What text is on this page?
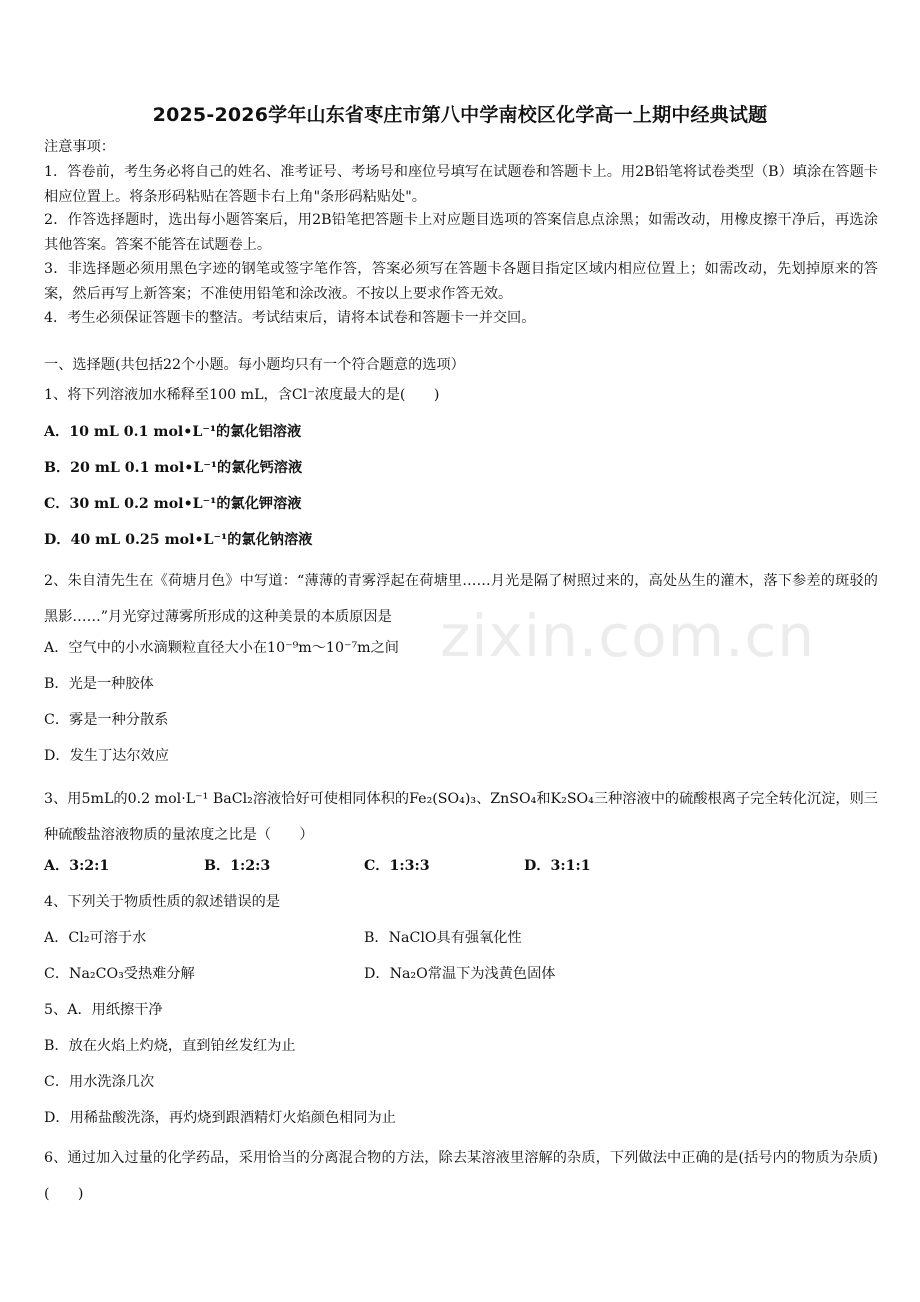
zixin.com.cn
2025-2026学年山东省枣庄市第八中学南校区化学高一上期中经典试题
注意事项：
1．答卷前，考生务必将自己的姓名、准考证号、考场号和座位号填写在试题卷和答题卡上。用2B铅笔将试卷类型（B）填涂在答题卡相应位置上。将条形码粘贴在答题卡右上角"条形码粘贴处"。
2．作答选择题时，选出每小题答案后，用2B铅笔把答题卡上对应题目选项的答案信息点涂黑；如需改动，用橡皮擦干净后，再选涂其他答案。答案不能答在试题卷上。
3．非选择题必须用黑色字迹的钢笔或签字笔作答，答案必须写在答题卡各题目指定区域内相应位置上；如需改动，先划掉原来的答案，然后再写上新答案；不准使用铅笔和涂改液。不按以上要求作答无效。
4．考生必须保证答题卡的整洁。考试结束后，请将本试卷和答题卡一并交回。
一、选择题(共包括22个小题。每小题均只有一个符合题意的选项）
1、将下列溶液加水稀释至100 mL，含Cl⁻浓度最大的是(　　)
A．10 mL 0.1 mol•L⁻¹的氯化铝溶液
B．20 mL 0.1 mol•L⁻¹的氯化钙溶液
C．30 mL 0.2 mol•L⁻¹的氯化钾溶液
D．40 mL 0.25 mol•L⁻¹的氯化钠溶液
2、朱自清先生在《荷塘月色》中写道：“薄薄的青雾浮起在荷塘里……月光是隔了树照过来的，高处丛生的灌木，落下参差的斑驳的黑影……”月光穿过薄雾所形成的这种美景的本质原因是
A．空气中的小水滴颗粒直径大小在10⁻⁹m～10⁻⁷m之间
B．光是一种胶体
C．雾是一种分散系
D．发生丁达尔效应
3、用5mL的0.2 mol·L⁻¹ BaCl₂溶液恰好可使相同体积的Fe₂(SO₄)₃、ZnSO₄和K₂SO₄三种溶液中的硫酸根离子完全转化沉淀，则三种硫酸盐溶液物质的量浓度之比是（　　）
A．3:2:1	B．1:2:3	C．1:3:3	D．3:1:1
4、下列关于物质性质的叙述错误的是
A．Cl₂可溶于水	B．NaClO具有强氧化性
C．Na₂CO₃受热难分解	D．Na₂O常温下为浅黄色固体
5、A．用纸擦干净
B．放在火焰上灼烧，直到铂丝发红为止
C．用水洗涤几次
D．用稀盐酸洗涤，再灼烧到跟酒精灯火焰颜色相同为止
6、通过加入过量的化学药品，采用恰当的分离混合物的方法，除去某溶液里溶解的杂质，下列做法中正确的是(括号内的物质为杂质)(　　)
